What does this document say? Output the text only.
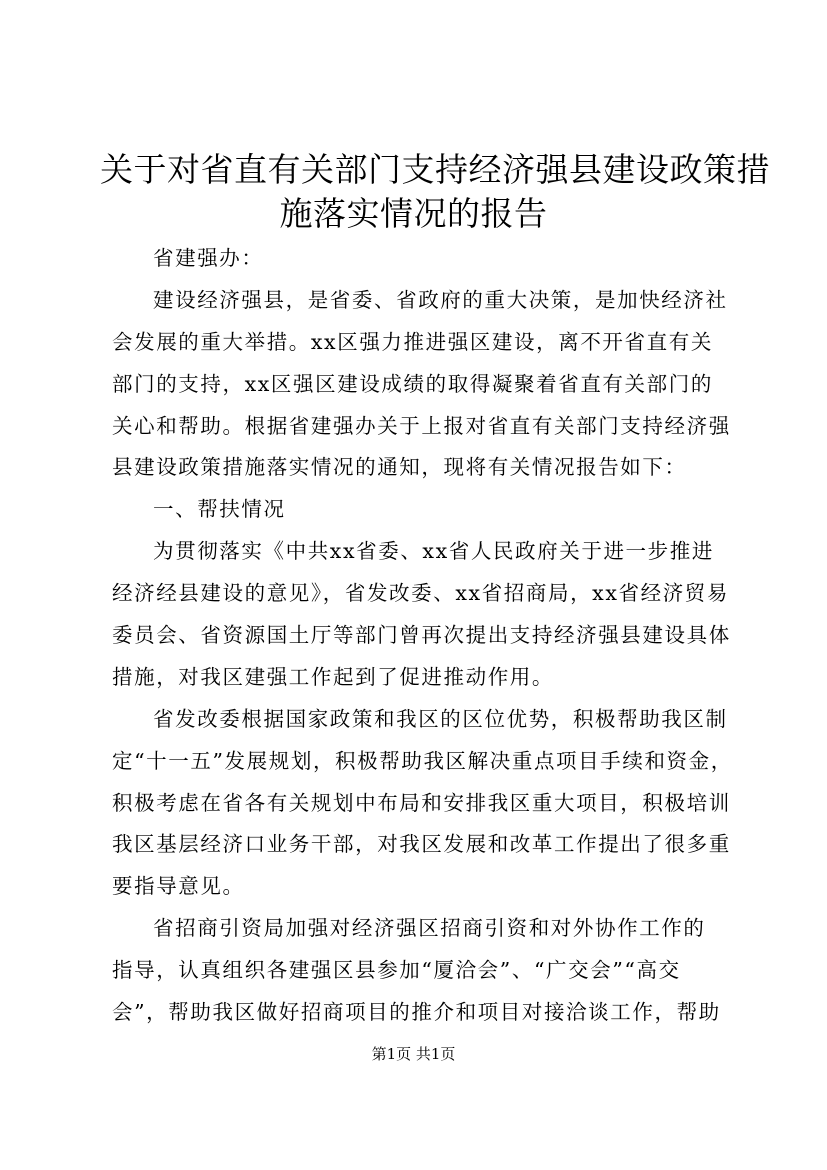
关于对省直有关部门支持经济强县建设政策措
施落实情况的报告
省建强办：
建设经济强县，是省委、省政府的重大决策，是加快经济社
会发展的重大举措。xx区强力推进强区建设，离不开省直有关
部门的支持，xx区强区建设成绩的取得凝聚着省直有关部门的
关心和帮助。根据省建强办关于上报对省直有关部门支持经济强
县建设政策措施落实情况的通知，现将有关情况报告如下：
一、帮扶情况
为贯彻落实《中共xx省委、xx省人民政府关于进一步推进
经济经县建设的意见》，省发改委、xx省招商局，xx省经济贸易
委员会、省资源国土厅等部门曾再次提出支持经济强县建设具体
措施，对我区建强工作起到了促进推动作用。
省发改委根据国家政策和我区的区位优势，积极帮助我区制
定“十一五”发展规划，积极帮助我区解决重点项目手续和资金，
积极考虑在省各有关规划中布局和安排我区重大项目，积极培训
我区基层经济口业务干部，对我区发展和改革工作提出了很多重
要指导意见。
省招商引资局加强对经济强区招商引资和对外协作工作的
指导，认真组织各建强区县参加“厦洽会”、“广交会”“高交
会”，帮助我区做好招商项目的推介和项目对接洽谈工作，帮助
第1页 共1页
